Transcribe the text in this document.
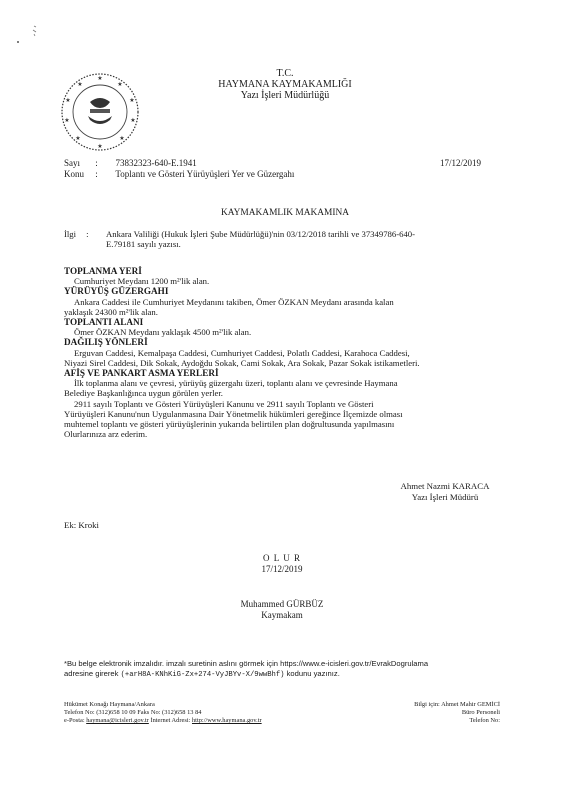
★
★
★
★
★
★
★
★
★
★
T.C.
HAYMANA KAYMAKAMLIĞI
Yazı İşleri Müdürlüğü
Sayı : 73832323-640-E.1941
Konu : Toplantı ve Gösteri Yürüyüşleri Yer ve Güzergahı
17/12/2019
KAYMAKAMLIK MAKAMINA
İlgi :	Ankara Valiliği (Hukuk İşleri Şube Müdürlüğü)'nin 03/12/2018 tarihli ve 37349786-640-
E.79181 sayılı yazısı.
TOPLANMA YERİ
Cumhuriyet Meydanı 1200 m²'lik alan.
YÜRÜYÜŞ GÜZERGAHI
Ankara Caddesi ile Cumhuriyet Meydanını takiben, Ömer ÖZKAN Meydanı arasında kalan
yaklaşık 24300 m²'lik alan.
TOPLANTI ALANI
Ömer ÖZKAN Meydanı yaklaşık 4500 m²'lik alan.
DAĞILIŞ YÖNLERİ
Erguvan Caddesi, Kemalpaşa Caddesi, Cumhuriyet Caddesi, Polatlı Caddesi, Karahoca Caddesi,
Niyazi Sirel Caddesi, Dik Sokak, Aydoğdu Sokak, Cami Sokak, Ara Sokak, Pazar Sokak istikametleri.
AFİŞ VE PANKART ASMA YERLERİ
İlk toplanma alanı ve çevresi, yürüyüş güzergahı üzeri, toplantı alanı ve çevresinde Haymana
Belediye Başkanlığınca uygun görülen yerler.
2911 sayılı Toplantı ve Gösteri Yürüyüşleri Kanunu ve 2911 sayılı Toplantı ve Gösteri
Yürüyüşleri Kanunu'nun Uygulanmasına Dair Yönetmelik hükümleri gereğince İlçemizde olması
muhtemel toplantı ve gösteri yürüyüşlerinin yukarıda belirtilen plan doğrultusunda yapılmasını
Olurlarınıza arz ederim.
Ahmet Nazmi KARACA
Yazı İşleri Müdürü
Ek: Kroki
O L U R
17/12/2019
Muhammed GÜRBÜZ
Kaymakam
*Bu belge elektronik imzalıdır. imzalı suretinin aslını görmek için https://www.e-icisleri.gov.tr/EvrakDogrulama
adresine girerek (+arH8A-KNhKiG-Zx+274-VyJBYv-X/9wwBhf) kodunu yazınız.
Hükümet Konağı Haymana/Ankara
Telefon No: (312)658 10 09 Faks No: (312)658 13 84
e-Posta: haymana@icisleri.gov.tr İnternet Adresi: http://www.haymana.gov.tr
Bilgi için: Ahmet Mahir GEMİCİ
Büro Personeli
Telefon No:
